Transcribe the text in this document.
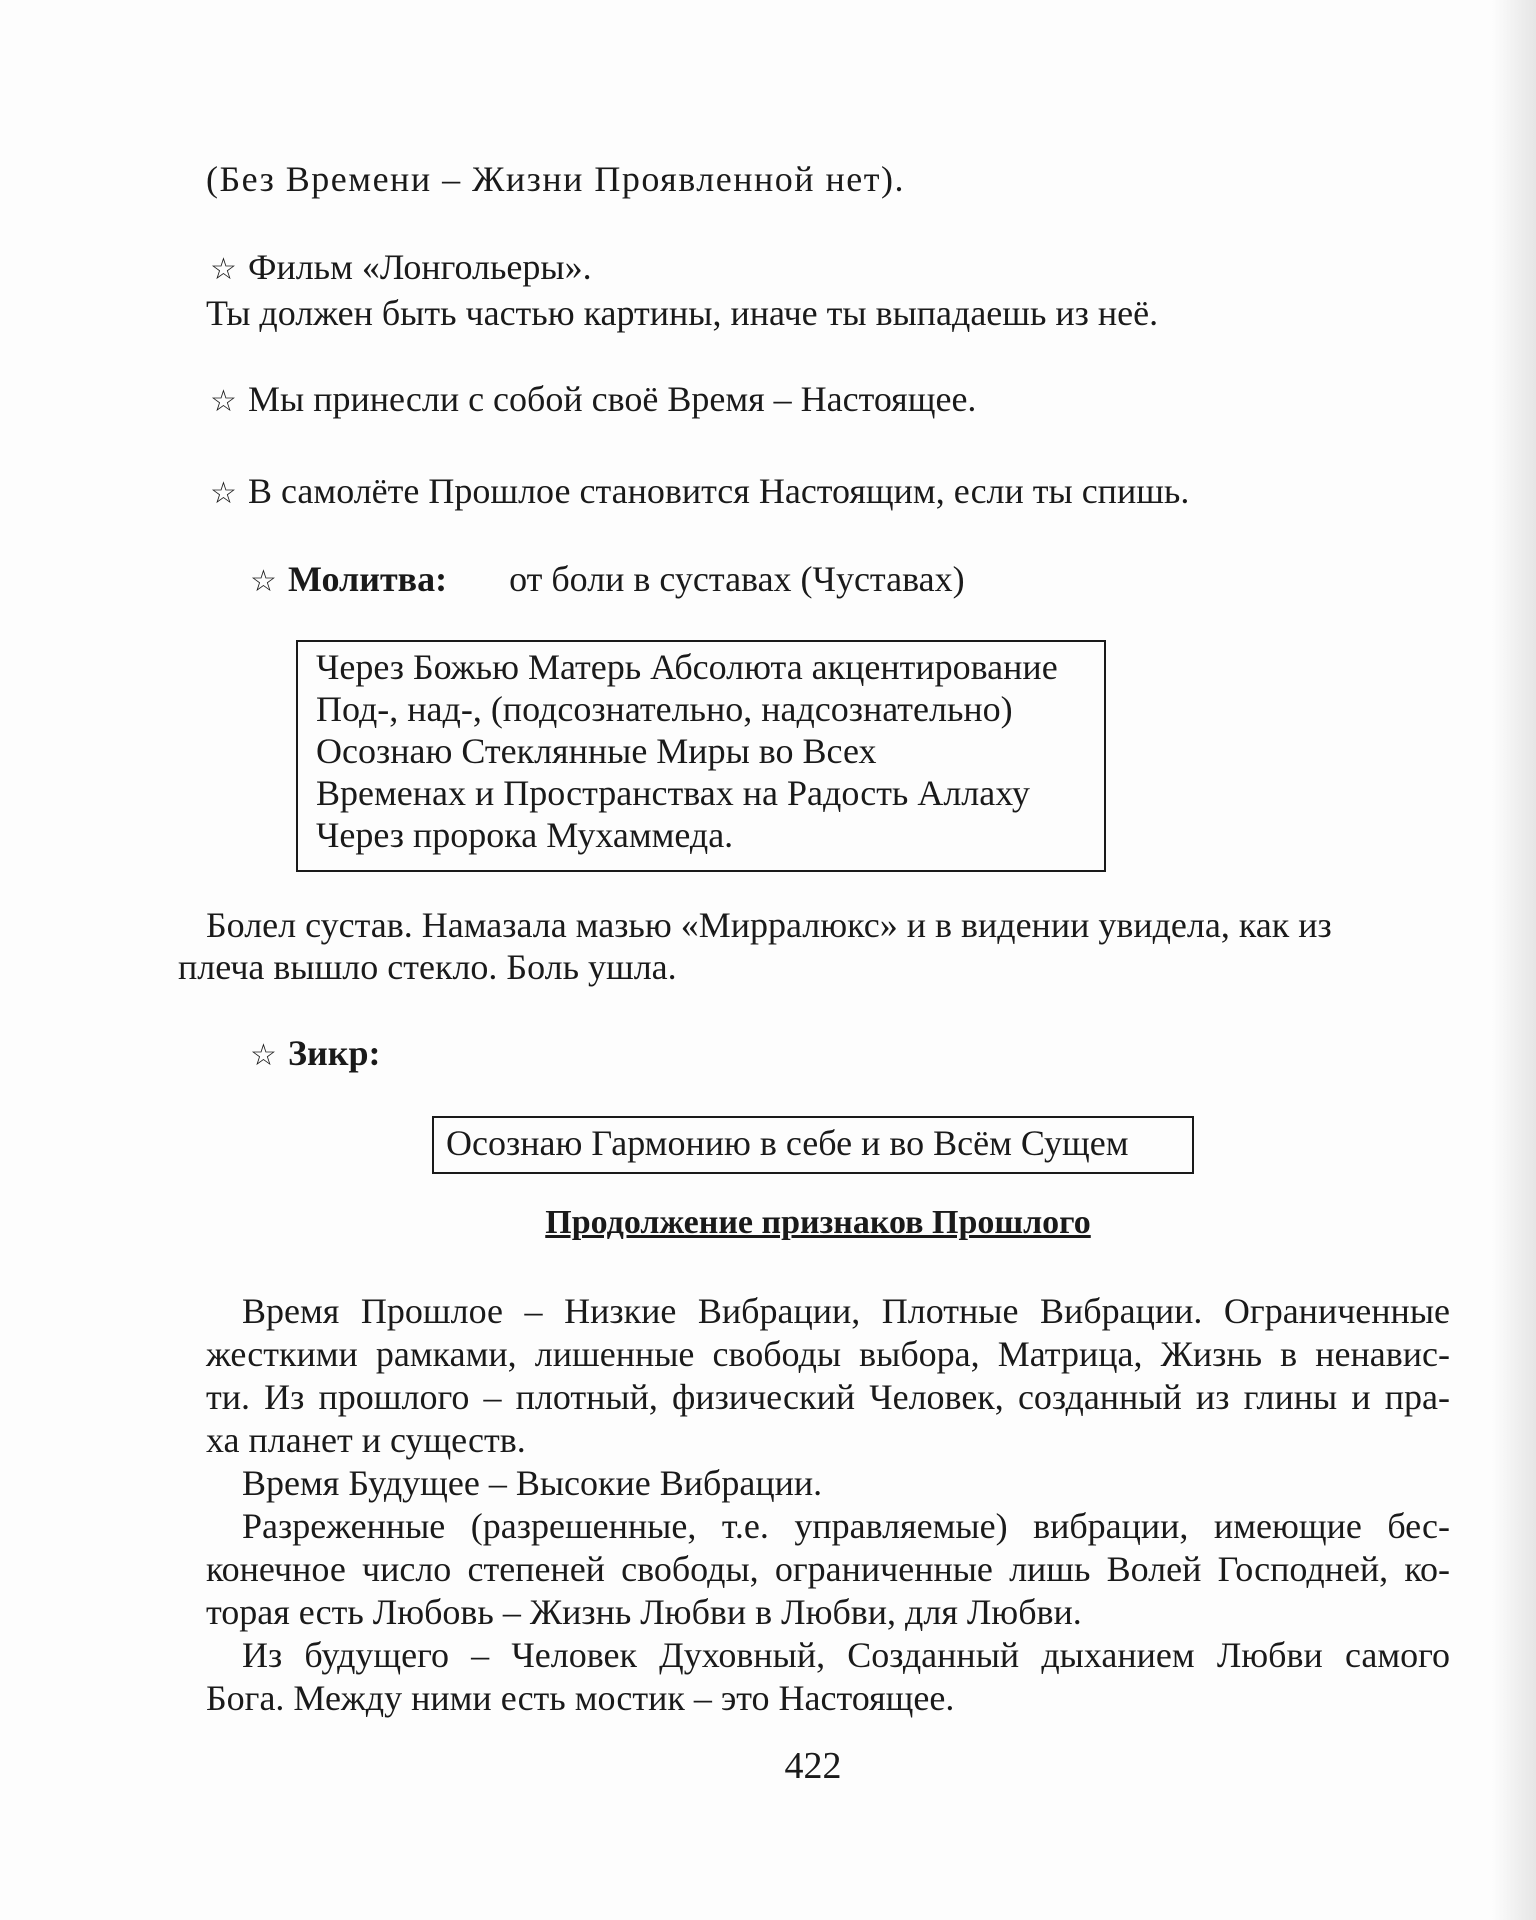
(Без Времени – Жизни Проявленной нет).
☆ Фильм «Лонгольеры».
Ты должен быть частью картины, иначе ты выпадаешь из неё.
☆ Мы принесли с собой своё Время – Настоящее.
☆ В самолёте Прошлое становится Настоящим, если ты спишь.
☆ Молитва: от боли в суставах (Чуставах)
Через Божью Матерь Абсолюта акцентирование
Под-, над-, (подсознательно, надсознательно)
Осознаю Стеклянные Миры во Всех
Временах и Пространствах на Радость Аллаху
Через пророка Мухаммеда.
Болел сустав. Намазала мазью «Мирралюкс» и в видении увидела, как из
плеча вышло стекло. Боль ушла.
☆ Зикр:
Осознаю Гармонию в себе и во Всём Сущем
Продолжение признаков Прошлого
Время Прошлое – Низкие Вибрации, Плотные Вибрации. Ограниченные
жесткими рамками, лишенные свободы выбора, Матрица, Жизнь в ненавис-
ти. Из прошлого – плотный, физический Человек, созданный из глины и пра-
ха планет и существ.
Время Будущее – Высокие Вибрации.
Разреженные (разрешенные, т.е. управляемые) вибрации, имеющие бес-
конечное число степеней свободы, ограниченные лишь Волей Господней, ко-
торая есть Любовь – Жизнь Любви в Любви, для Любви.
Из будущего – Человек Духовный, Созданный дыханием Любви самого
Бога. Между ними есть мостик – это Настоящее.
422
